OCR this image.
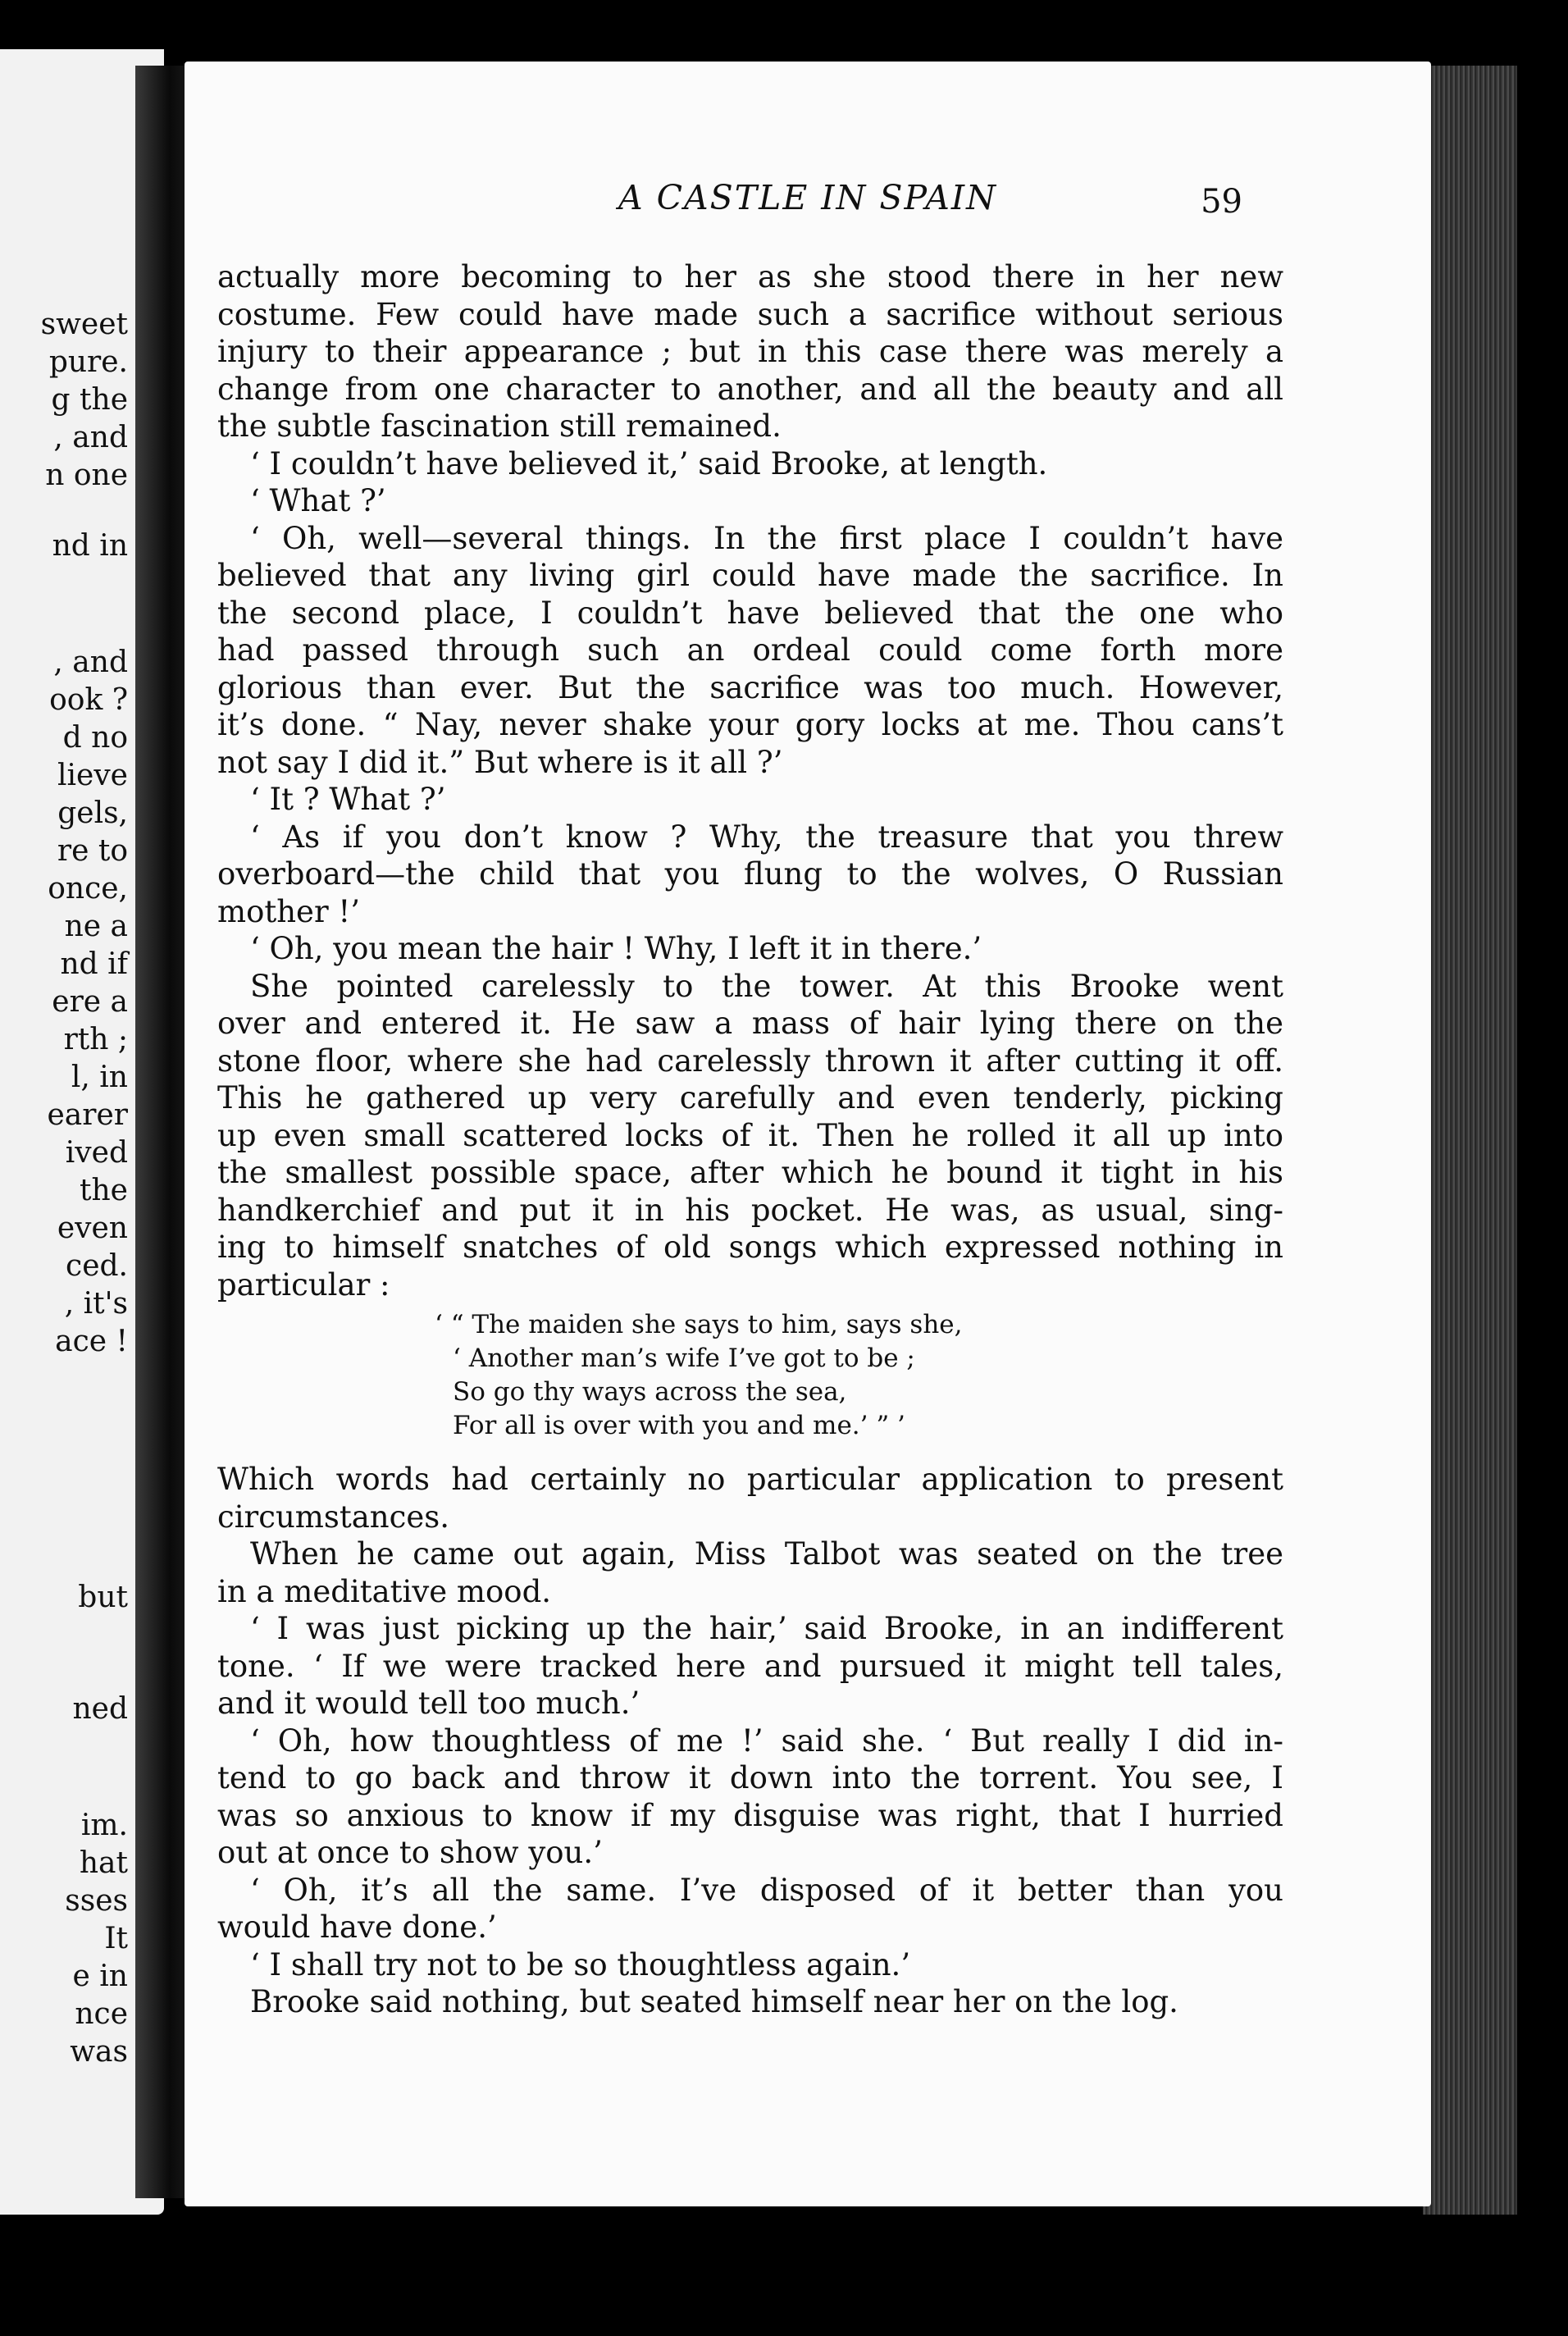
sweet
pure.
g the
, and
n one
nd in
, and
ook ?
d no
lieve
gels,
re to
once,
ne a
nd if
ere a
rth ;
l, in
earer
ived
the
even
ced.
, it's
ace !
but
ned
im.
hat
sses
It
e in
nce
was
A CASTLE IN SPAIN	59
actually more becoming to her as she stood there in her new
costume. Few could have made such a sacrifice without serious
injury to their appearance ; but in this case there was merely a
change from one character to another, and all the beauty and all
the subtle fascination still remained.
‘ I couldn’t have believed it,’ said Brooke, at length.
‘ What ?’
‘ Oh, well—several things. In the first place I couldn’t have
believed that any living girl could have made the sacrifice. In
the second place, I couldn’t have believed that the one who
had passed through such an ordeal could come forth more
glorious than ever. But the sacrifice was too much. However,
it’s done. “ Nay, never shake your gory locks at me. Thou cans’t
not say I did it.” But where is it all ?’
‘ It ? What ?’
‘ As if you don’t know ? Why, the treasure that you threw
overboard—the child that you flung to the wolves, O Russian
mother !’
‘ Oh, you mean the hair ! Why, I left it in there.’
She pointed carelessly to the tower. At this Brooke went
over and entered it. He saw a mass of hair lying there on the
stone floor, where she had carelessly thrown it after cutting it off.
This he gathered up very carefully and even tenderly, picking
up even small scattered locks of it. Then he rolled it all up into
the smallest possible space, after which he bound it tight in his
handkerchief and put it in his pocket. He was, as usual, sing-
ing to himself snatches of old songs which expressed nothing in
particular :
‘ “ The maiden she says to him, says she,
‘ Another man’s wife I’ve got to be ;
So go thy ways across the sea,
For all is over with you and me.’ ” ’
Which words had certainly no particular application to present
circumstances.
When he came out again, Miss Talbot was seated on the tree
in a meditative mood.
‘ I was just picking up the hair,’ said Brooke, in an indifferent
tone. ‘ If we were tracked here and pursued it might tell tales,
and it would tell too much.’
‘ Oh, how thoughtless of me !’ said she. ‘ But really I did in-
tend to go back and throw it down into the torrent. You see, I
was so anxious to know if my disguise was right, that I hurried
out at once to show you.’
‘ Oh, it’s all the same. I’ve disposed of it better than you
would have done.’
‘ I shall try not to be so thoughtless again.’
Brooke said nothing, but seated himself near her on the log.
